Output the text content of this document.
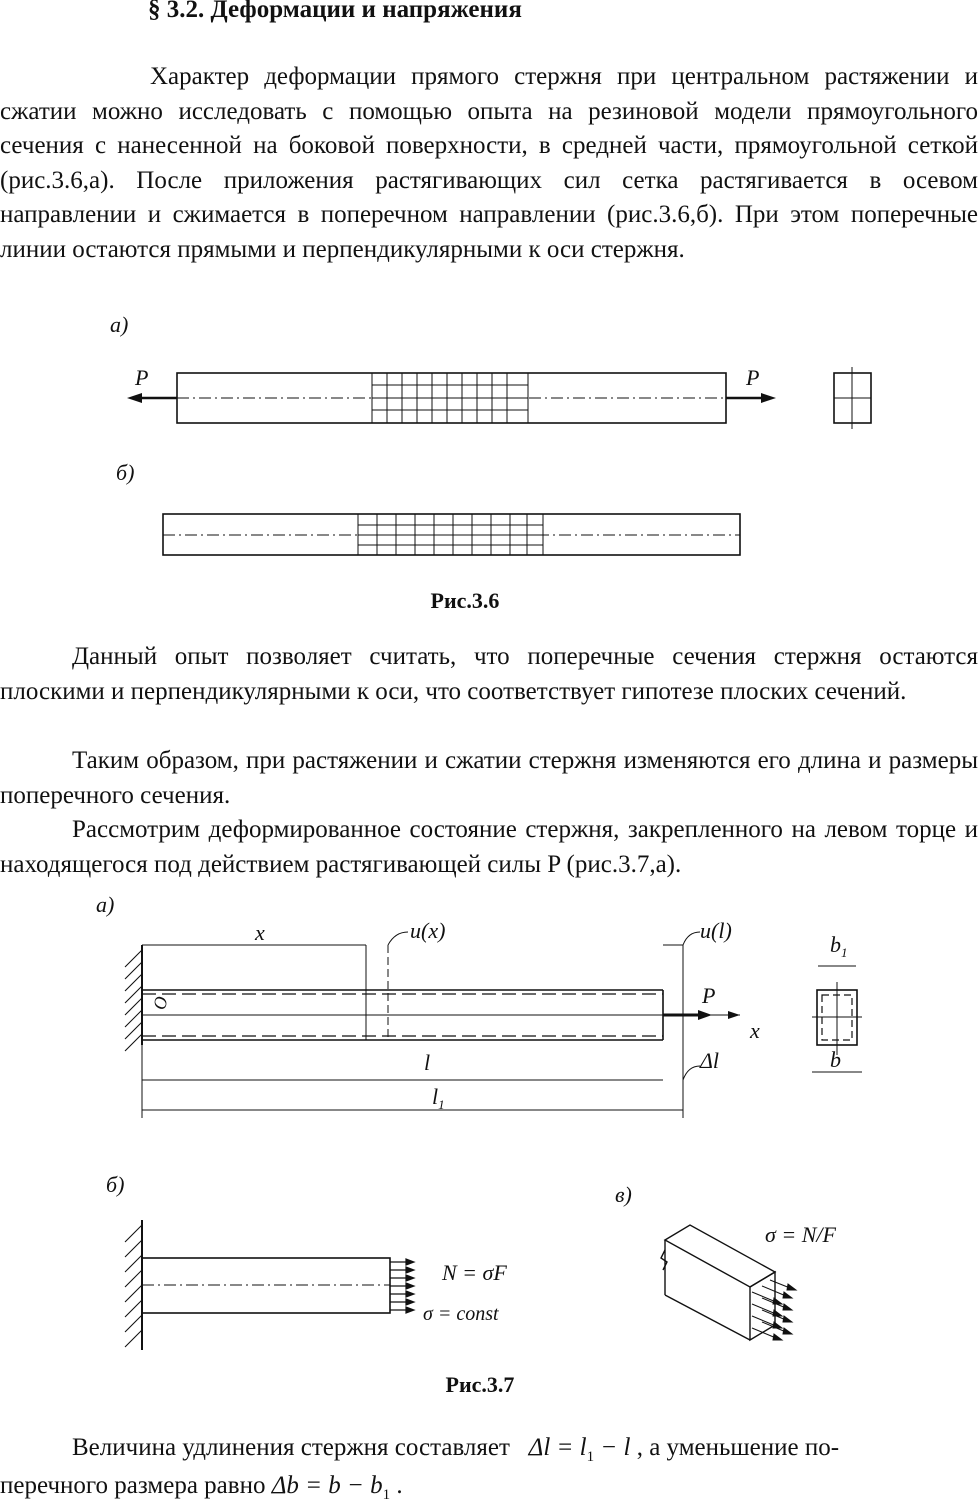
§ 3.2. Деформации и напряжения

Характер деформации прямого стержня при центральном растяжении и сжатии можно исследовать с помощью опыта на резиновой модели прямоугольного сечения с нанесенной на боковой поверхности, в средней части, прямоугольной сеткой (рис.3.6,а). После приложения растягивающих сил сетка растягивается в осевом направлении и сжимается в поперечном направлении (рис.3.6,б). При этом поперечные линии остаются прямыми и перпендикулярными к оси стержня.

а)
P	P
б)
Рис.3.6

Данный опыт позволяет считать, что поперечные сечения стержня остаются плоскими и перпендикулярными к оси, что соответствует гипотезе плоских сечений.

Таким образом, при растяжении и сжатии стержня изменяются его длина и размеры поперечного сечения.

Рассмотрим деформированное состояние стержня, закрепленного на левом торце и находящегося под действием растягивающей силы P (рис.3.7,а).

а)
O
x	u(x)	u(l)
P
x
l
$l_1$
Δl
$b_1$
b
б)
N = σF
σ = const
в)
σ = N/F
Рис.3.7
Величина удлинения стержня составляет $\Delta l = l_1 - l$ , а уменьшение по-
перечного размера равно $\Delta b = b - b_1$ .
